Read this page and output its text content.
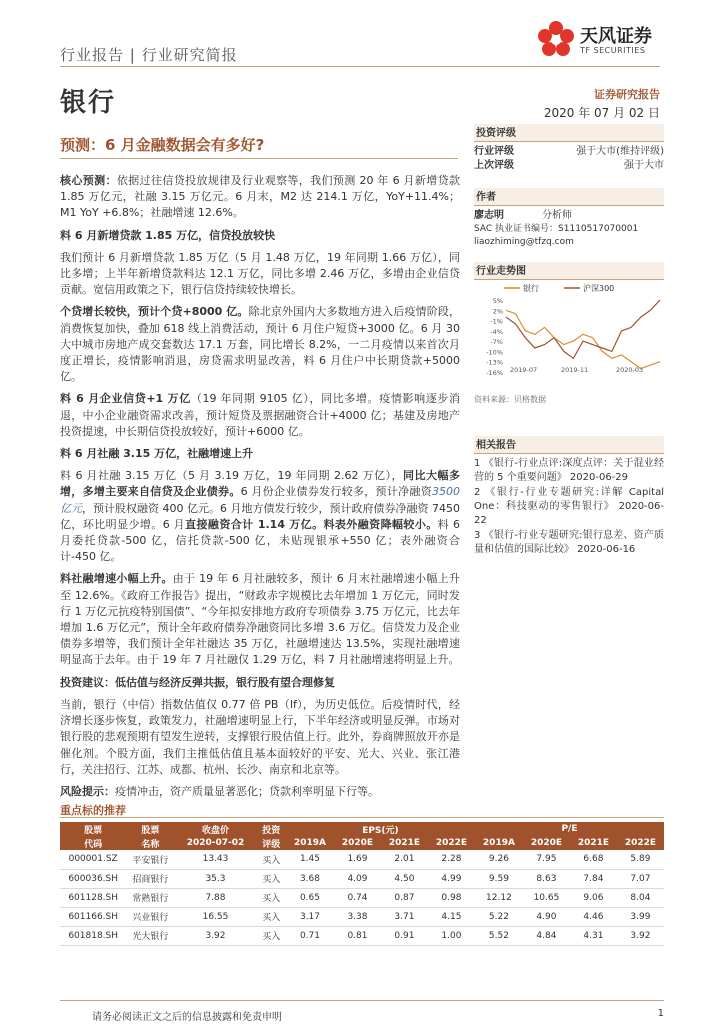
行业报告 | 行业研究简报
天风证券
TF SECURITIES
银行	证券研究报告
2020 年 07 月 02 日
预测：6 月金融数据会有多好?

核心预测：依据过往信贷投放规律及行业观察等，我们预测 20 年 6 月新增贷款 1.85 万亿元，社融 3.15 万亿元。6 月末，M2 达 214.1 万亿，YoY+11.4%；M1 YoY +6.8%；社融增速 12.6%。

料 6 月新增贷款 1.85 万亿，信贷投放较快

我们预计 6 月新增贷款 1.85 万亿（5 月 1.48 万亿，19 年同期 1.66 万亿），同比多增；上半年新增贷款料达 12.1 万亿，同比多增 2.46 万亿，多增由企业信贷贡献。宽信用政策之下，银行信贷持续较快增长。

个贷增长较快，预计个贷+8000 亿。除北京外国内大多数地方进入后疫情阶段，消费恢复加快，叠加 618 线上消费活动，预计 6 月住户短贷+3000 亿。6 月 30 大中城市房地产成交套数达 17.1 万套，同比增长 8.2%，一二月疫情以来首次月度正增长，疫情影响消退，房贷需求明显改善，料 6 月住户中长期贷款+5000 亿。

料 6 月企业信贷+1 万亿（19 年同期 9105 亿），同比多增。疫情影响逐步消退，中小企业融资需求改善，预计短贷及票据融资合计+4000 亿；基建及房地产投资提速，中长期信贷投放较好，预计+6000 亿。

料 6 月社融 3.15 万亿，社融增速上升

料 6 月社融 3.15 万亿（5 月 3.19 万亿，19 年同期 2.62 万亿），同比大幅多增，多增主要来自信贷及企业债券。6 月份企业债券发行较多，预计净融资3500 亿元，预计股权融资 400 亿元。6 月地方债发行较少，预计政府债券净融资 7450 亿，环比明显少增。6 月直接融资合计 1.14 万亿。料表外融资降幅较小。料 6 月委托贷款-500 亿，信托贷款-500 亿，未贴现银承+550 亿；表外融资合计-450 亿。

料社融增速小幅上升。由于 19 年 6 月社融较多，预计 6 月末社融增速小幅上升至 12.6%。《政府工作报告》提出，“财政赤字规模比去年增加 1 万亿元，同时发行 1 万亿元抗疫特别国债”、“今年拟安排地方政府专项债券 3.75 万亿元，比去年增加 1.6 万亿元”，预计全年政府债券净融资同比多增 3.6 万亿。信贷发力及企业债券多增等，我们预计全年社融达 35 万亿，社融增速达 13.5%，实现社融增速明显高于去年。由于 19 年 7 月社融仅 1.29 万亿，料 7 月社融增速将明显上升。

投资建议：低估值与经济反弹共振，银行股有望合理修复

当前，银行（中信）指数估值仅 0.77 倍 PB（lf），为历史低位。后疫情时代，经济增长逐步恢复，政策发力，社融增速明显上行，下半年经济或明显反弹。市场对银行股的悲观预期有望发生逆转，支撑银行股估值上行。此外，券商牌照放开亦是催化剂。个股方面，我们主推低估值且基本面较好的平安、光大、兴业、张江港行，关注招行、江苏、成都、杭州、长沙、南京和北京等。

风险提示：疫情冲击，资产质量显著恶化；贷款利率明显下行等。

投资评级
行业评级	强于大市(维持评级)
上次评级	强于大市
作者
廖志明	分析师
SAC 执业证书编号：S1110517070001
liaozhiming@tfzq.com
行业走势图
银行	沪深300
5%
2%
-1%
-4%
-7%
-10%
-13%
-16% 2019-07	2019-11	2020-03
资料来源：贝格数据
相关报告

1 《银行-行业点评:深度点评：关于混业经营的 5 个重要问题》 2020-06-29

2 《银行-行业专题研究:详解 Capital One：科技驱动的零售银行》 2020-06-22

3 《银行-行业专题研究:银行息差、资产质量和估值的国际比较》 2020-06-16

重点标的推荐
股票	股票	收盘价	投资	EPS(元)				P/E			
代码	名称	2020-07-02	评级	2019A	2020E	2021E	2022E	2019A	2020E	2021E	2022E
000001.SZ	平安银行	13.43	买入	1.45	1.69	2.01	2.28	9.26	7.95	6.68	5.89
600036.SH	招商银行	35.3	买入	3.68	4.09	4.50	4.99	9.59	8.63	7.84	7.07
601128.SH	常熟银行	7.88	买入	0.65	0.74	0.87	0.98	12.12	10.65	9.06	8.04
601166.SH	兴业银行	16.55	买入	3.17	3.38	3.71	4.15	5.22	4.90	4.46	3.99
601818.SH	光大银行	3.92	买入	0.71	0.81	0.91	1.00	5.52	4.84	4.31	3.92
请务必阅读正文之后的信息披露和免责申明	1
